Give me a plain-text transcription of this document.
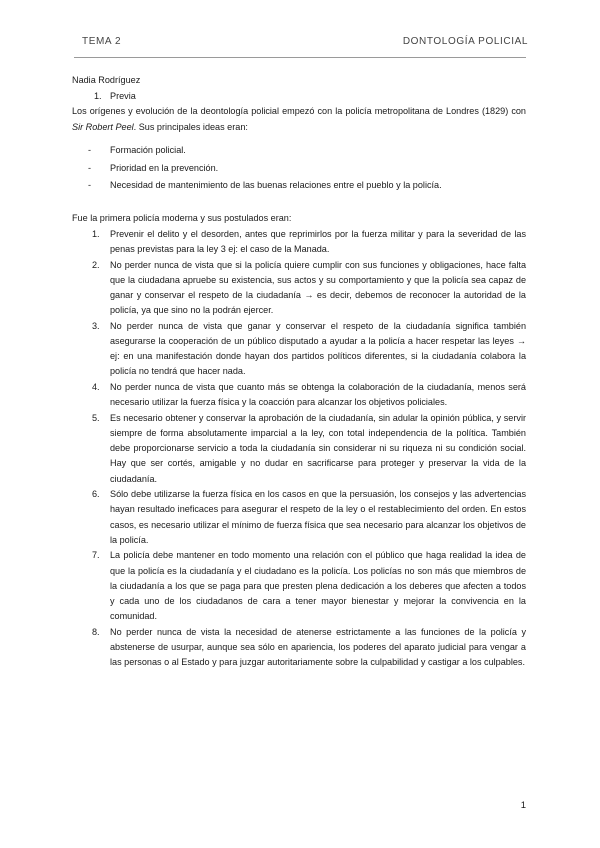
TEMA 2	DONTOLOGÍA POLICIAL

Nadia Rodríguez

1. Previa

Los orígenes y evolución de la deontología policial empezó con la policía metropolitana de Londres (1829) con Sir Robert Peel. Sus principales ideas eran:

- Formación policial.
- Prioridad en la prevención.
- Necesidad de mantenimiento de las buenas relaciones entre el pueblo y la policía.

Fue la primera policía moderna y sus postulados eran:

1. Prevenir el delito y el desorden, antes que reprimirlos por la fuerza militar y para la severidad de las penas previstas para la ley 3 ej: el caso de la Manada.
2. No perder nunca de vista que si la policía quiere cumplir con sus funciones y obligaciones, hace falta que la ciudadana apruebe su existencia, sus actos y su comportamiento y que la policía sea capaz de ganar y conservar el respeto de la ciudadanía → es decir, debemos de reconocer la autoridad de la policía, ya que sino no la podrán ejercer.
3. No perder nunca de vista que ganar y conservar el respeto de la ciudadanía significa también asegurarse la cooperación de un público disputado a ayudar a la policía a hacer respetar las leyes → ej: en una manifestación donde hayan dos partidos políticos diferentes, si la ciudadanía colabora la policía no tendrá que hacer nada.
4. No perder nunca de vista que cuanto más se obtenga la colaboración de la ciudadanía, menos será necesario utilizar la fuerza física y la coacción para alcanzar los objetivos policiales.
5. Es necesario obtener y conservar la aprobación de la ciudadanía, sin adular la opinión pública, y servir siempre de forma absolutamente imparcial a la ley, con total independencia de la política. También debe proporcionarse servicio a toda la ciudadanía sin considerar ni su riqueza ni su condición social. Hay que ser cortés, amigable y no dudar en sacrificarse para proteger y preservar la vida de la ciudadanía.
6. Sólo debe utilizarse la fuerza física en los casos en que la persuasión, los consejos y las advertencias hayan resultado ineficaces para asegurar el respeto de la ley o el restablecimiento del orden. En estos casos, es necesario utilizar el mínimo de fuerza física que sea necesario para alcanzar los objetivos de la policía.
7. La policía debe mantener en todo momento una relación con el público que haga realidad la idea de que la policía es la ciudadanía y el ciudadano es la policía. Los policías no son más que miembros de la ciudadanía a los que se paga para que presten plena dedicación a los deberes que afecten a todos y cada uno de los ciudadanos de cara a tener mayor bienestar y mejorar la convivencia en la comunidad.
8. No perder nunca de vista la necesidad de atenerse estrictamente a las funciones de la policía y abstenerse de usurpar, aunque sea sólo en apariencia, los poderes del aparato judicial para vengar a las personas o al Estado y para juzgar autoritariamente sobre la culpabilidad y castigar a los culpables.
1
